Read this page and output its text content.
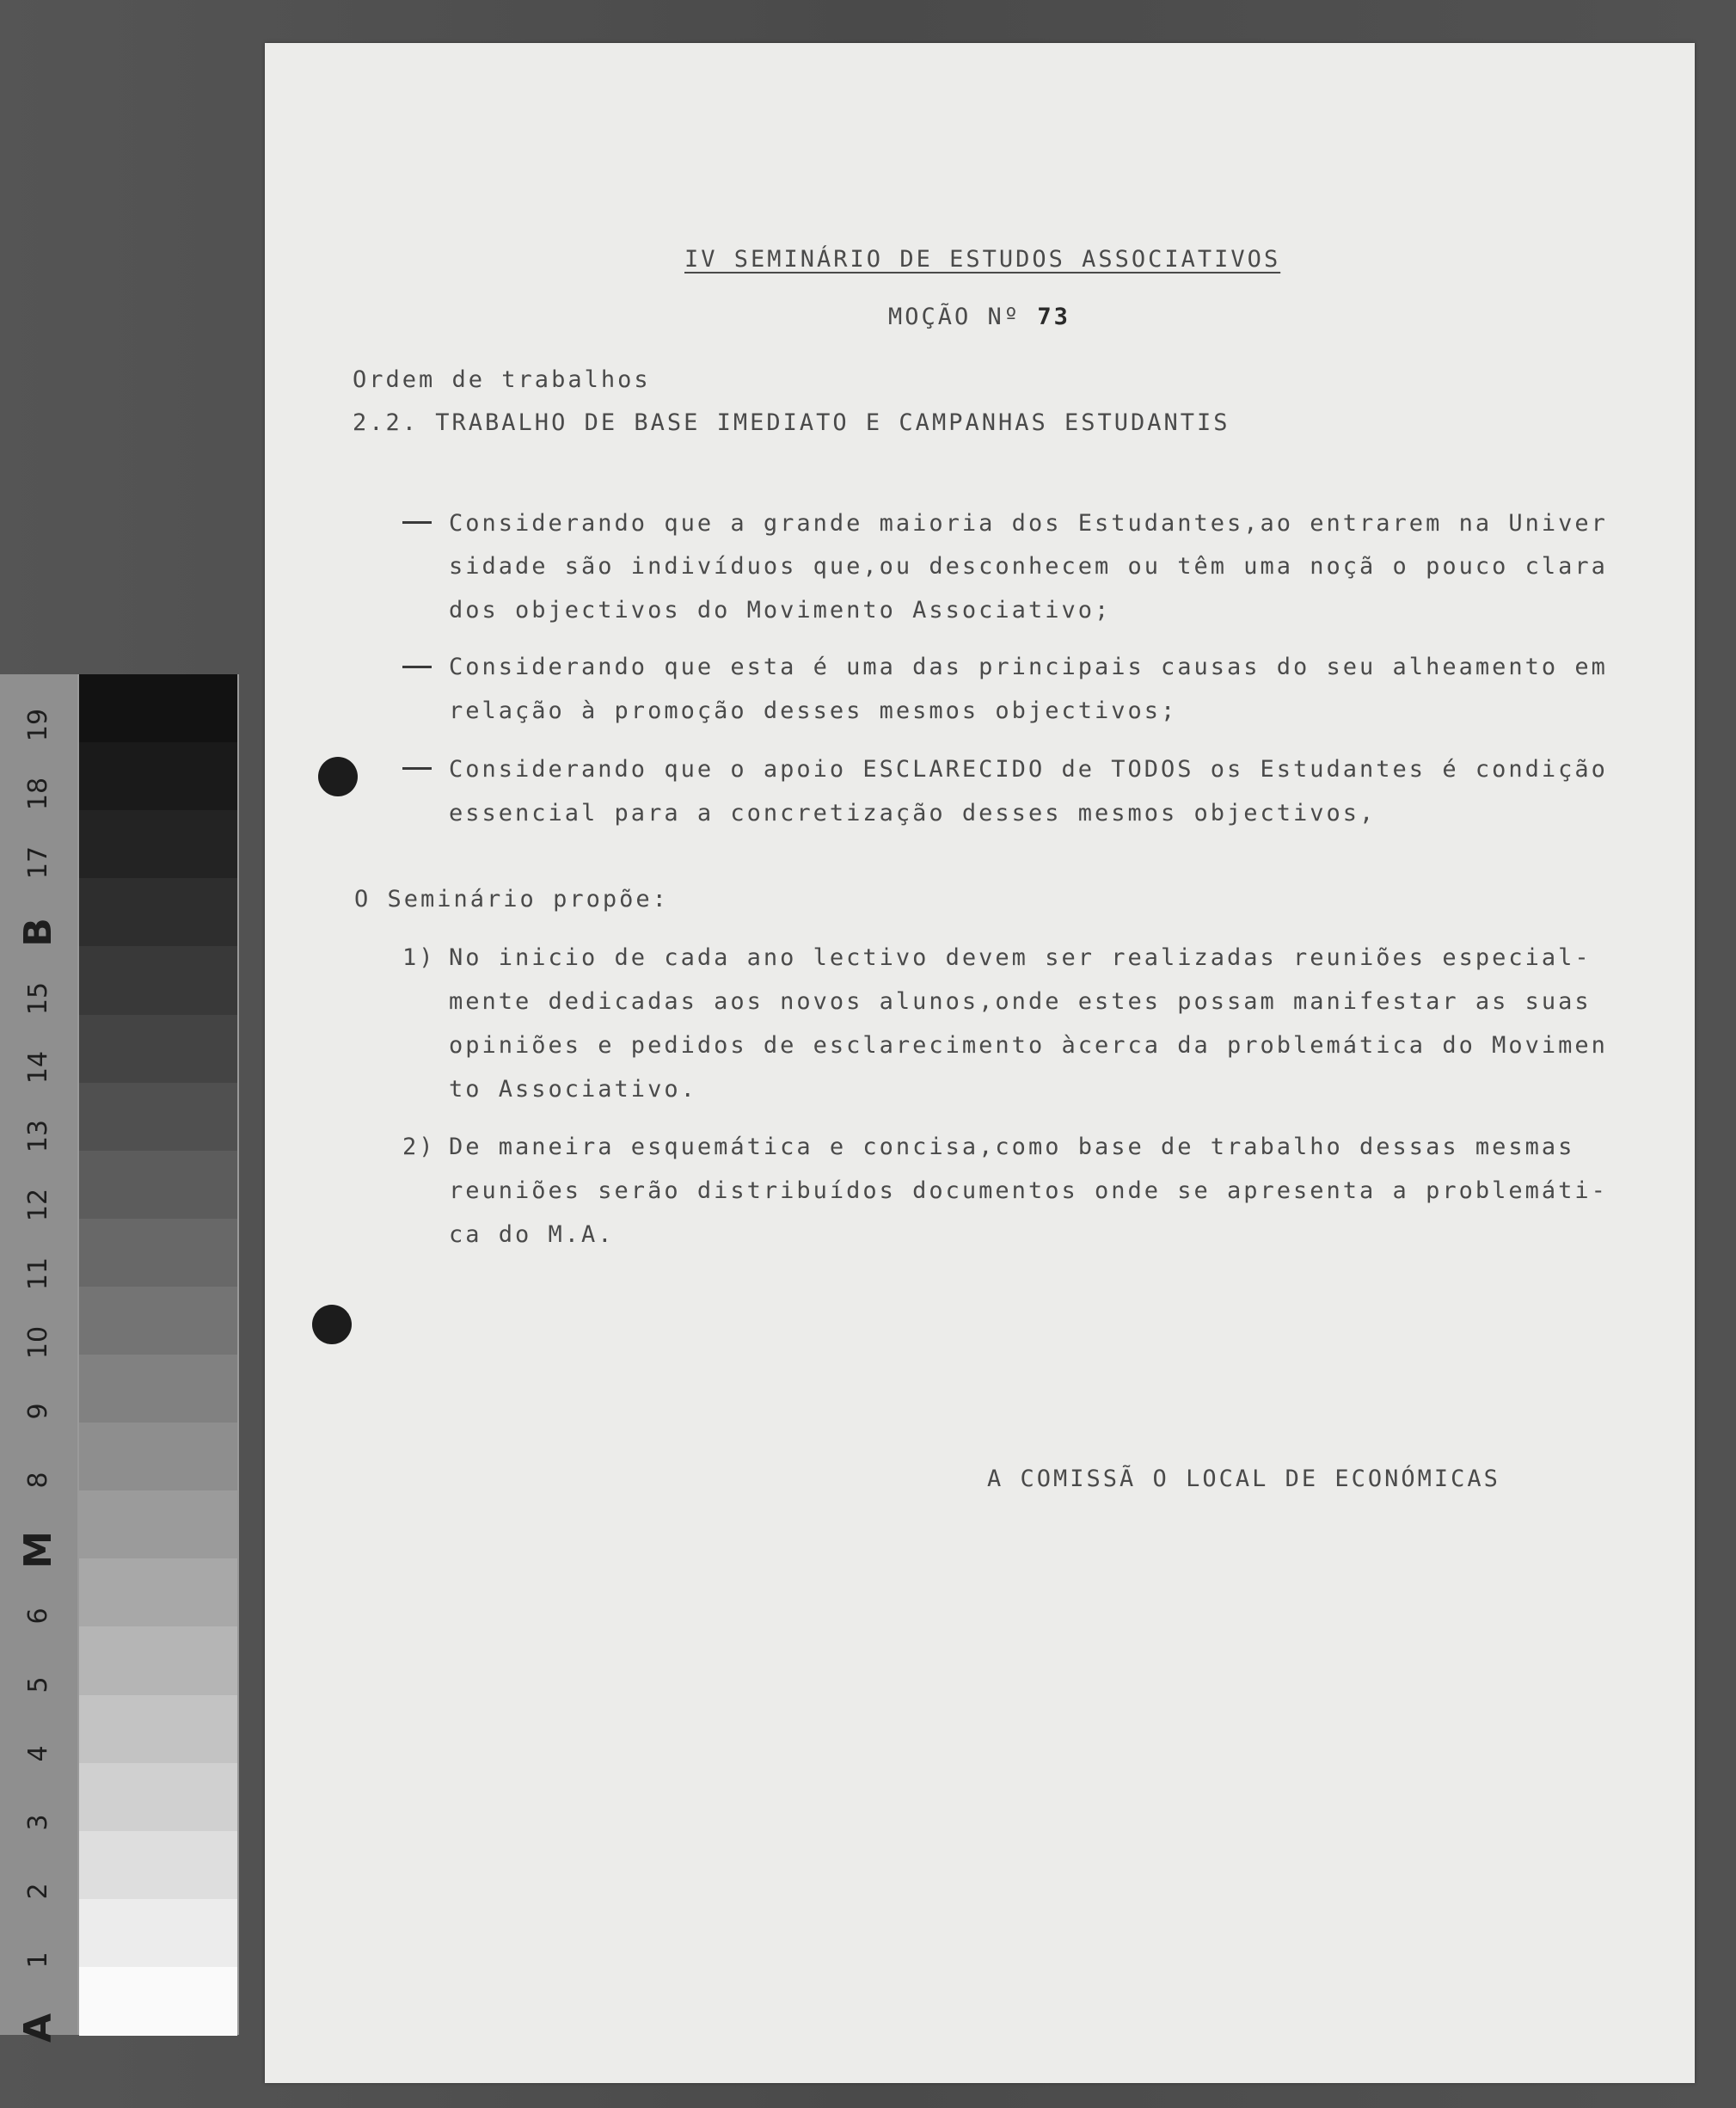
19
18
17
B
15
14
13
12
11
10
9
8
M
6
5
4
3
2
1
A
IV SEMINÁRIO DE ESTUDOS ASSOCIATIVOS
MOÇÃO Nº 73
Ordem de trabalhos
2.2. TRABALHO DE BASE IMEDIATO E CAMPANHAS ESTUDANTIS
Considerando que a grande maioria dos Estudantes,ao entrarem na Univer
sidade são indivíduos que,ou desconhecem ou têm uma noçã o pouco clara
dos objectivos do Movimento Associativo;
Considerando que esta é uma das principais causas do seu alheamento em
relação à promoção desses mesmos objectivos;
Considerando que o apoio ESCLARECIDO de TODOS os Estudantes é condição
essencial para a concretização desses mesmos objectivos,
O Seminário propõe:
1) No inicio de cada ano lectivo devem ser realizadas reuniões especial-
mente dedicadas aos novos alunos,onde estes possam manifestar as suas
opiniões e pedidos de esclarecimento àcerca da problemática do Movimen
to Associativo.
2) De maneira esquemática e concisa,como base de trabalho dessas mesmas
reuniões serão distribuídos documentos onde se apresenta a problemáti-
ca do M.A.
A COMISSÃ O LOCAL DE ECONÓMICAS
